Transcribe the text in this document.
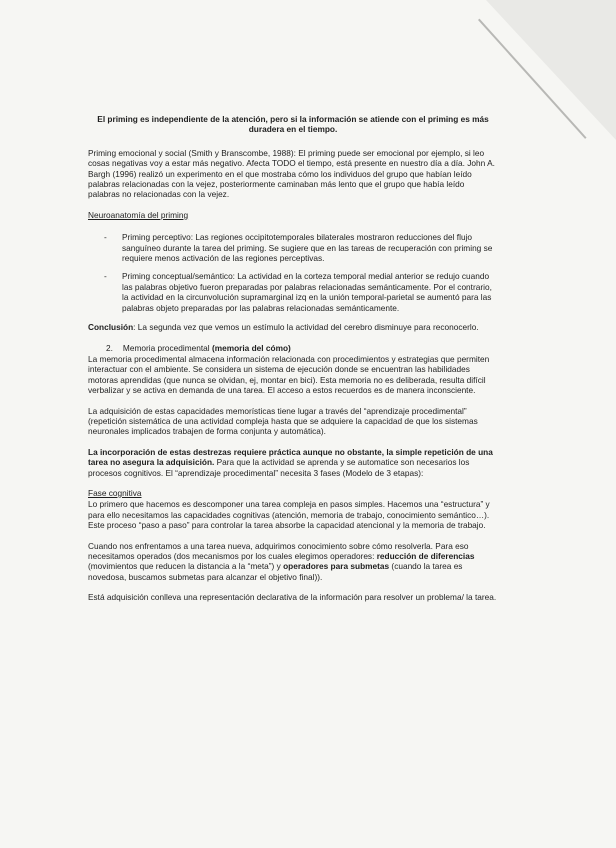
El priming es independiente de la atención, pero si la información se atiende con el priming es más duradera en el tiempo.

Priming emocional y social (Smith y Branscombe, 1988): El priming puede ser emocional por ejemplo, si leo cosas negativas voy a estar más negativo. Afecta TODO el tiempo, está presente en nuestro día a día. John A. Bargh (1996) realizó un experimento en el que mostraba cómo los individuos del grupo que habían leído palabras relacionadas con la vejez, posteriormente caminaban más lento que el grupo que había leído palabras no relacionadas con la vejez.

Neuroanatomía del priming
- Priming perceptivo: Las regiones occipitotemporales bilaterales mostraron reducciones del flujo sanguíneo durante la tarea del priming. Se sugiere que en las tareas de recuperación con priming se requiere menos activación de las regiones perceptivas.
- Priming conceptual/semántico: La actividad en la corteza temporal medial anterior se redujo cuando las palabras objetivo fueron preparadas por palabras relacionadas semánticamente. Por el contrario, la actividad en la circunvolución supramarginal izq en la unión temporal-parietal se aumentó para las palabras objeto preparadas por las palabras relacionadas semánticamente.

Conclusión: La segunda vez que vemos un estímulo la actividad del cerebro disminuye para reconocerlo.

2. Memoria procedimental (memoria del cómo)

La memoria procedimental almacena información relacionada con procedimientos y estrategias que permiten interactuar con el ambiente. Se considera un sistema de ejecución donde se encuentran las habilidades motoras aprendidas (que nunca se olvidan, ej, montar en bici). Esta memoria no es deliberada, resulta difícil verbalizar y se activa en demanda de una tarea. El acceso a estos recuerdos es de manera inconsciente.

La adquisición de estas capacidades memorísticas tiene lugar a través del “aprendizaje procedimental” (repetición sistemática de una actividad compleja hasta que se adquiere la capacidad de que los sistemas neuronales implicados trabajen de forma conjunta y automática).

La incorporación de estas destrezas requiere práctica aunque no obstante, la simple repetición de una tarea no asegura la adquisición. Para que la actividad se aprenda y se automatice son necesarios los procesos cognitivos. El “aprendizaje procedimental” necesita 3 fases (Modelo de 3 etapas):

Fase cognitiva

Lo primero que hacemos es descomponer una tarea compleja en pasos simples. Hacemos una “estructura” y para ello necesitamos las capacidades cognitivas (atención, memoria de trabajo, conocimiento semántico…). Este proceso “paso a paso” para controlar la tarea absorbe la capacidad atencional y la memoria de trabajo.

Cuando nos enfrentamos a una tarea nueva, adquirimos conocimiento sobre cómo resolverla. Para eso necesitamos operados (dos mecanismos por los cuales elegimos operadores: reducción de diferencias (movimientos que reducen la distancia a la “meta”) y operadores para submetas (cuando la tarea es novedosa, buscamos submetas para alcanzar el objetivo final)).

Está adquisición conlleva una representación declarativa de la información para resolver un problema/ la tarea.
